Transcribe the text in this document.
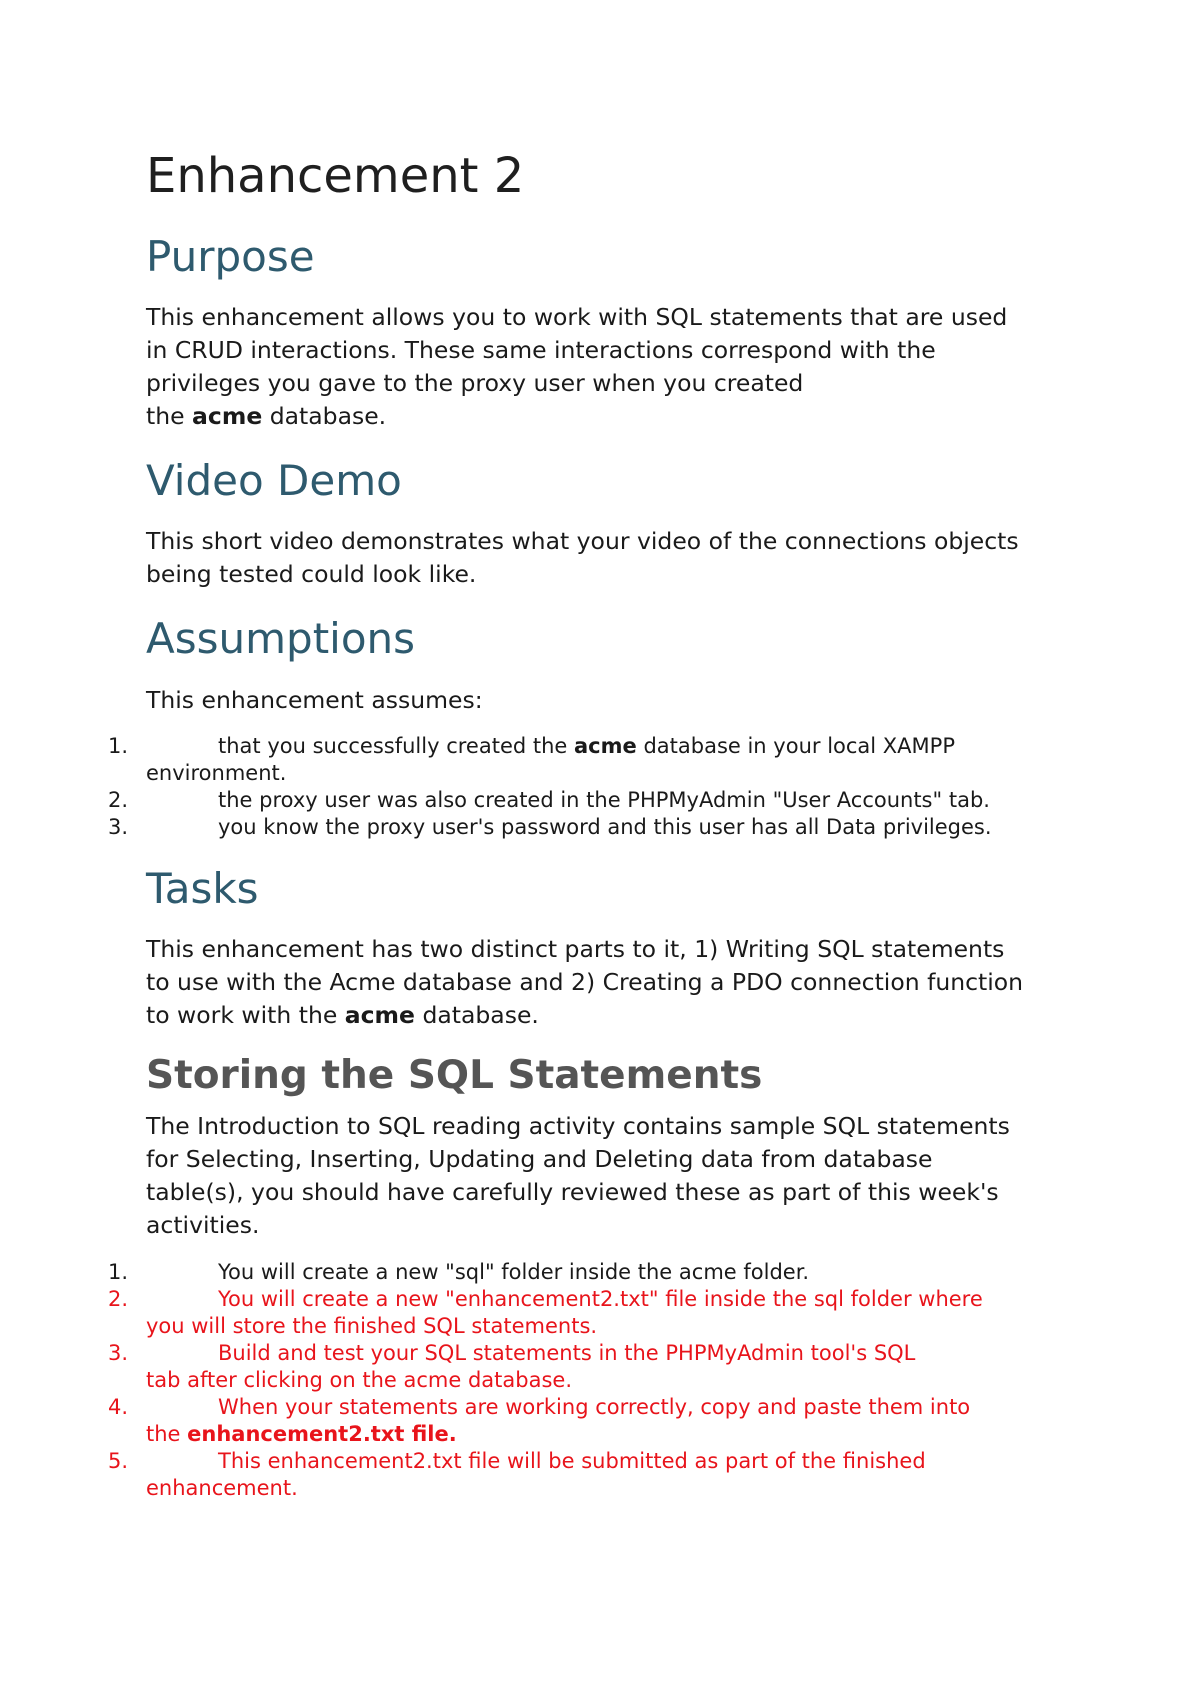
Enhancement 2
Purpose

This enhancement allows you to work with SQL statements that are used
in CRUD interactions. These same interactions correspond with the
privileges you gave to the proxy user when you created
the acme database.

Video Demo

This short video demonstrates what your video of the connections objects
being tested could look like.

Assumptions

This enhancement assumes:

1.	that you successfully created the acme database in your local XAMPP
environment.
2.	the proxy user was also created in the PHPMyAdmin "User Accounts" tab.
3.	you know the proxy user's password and this user has all Data privileges.
Tasks

This enhancement has two distinct parts to it, 1) Writing SQL statements
to use with the Acme database and 2) Creating a PDO connection function
to work with the acme database.

Storing the SQL Statements

The Introduction to SQL reading activity contains sample SQL statements
for Selecting, Inserting, Updating and Deleting data from database
table(s), you should have carefully reviewed these as part of this week's
activities.

1.	You will create a new "sql" folder inside the acme folder.
2.	You will create a new "enhancement2.txt" file inside the sql folder where
you will store the finished SQL statements.
3.	Build and test your SQL statements in the PHPMyAdmin tool's SQL
tab after clicking on the acme database.
4.	When your statements are working correctly, copy and paste them into
the enhancement2.txt file.
5.	This enhancement2.txt file will be submitted as part of the finished
enhancement.
